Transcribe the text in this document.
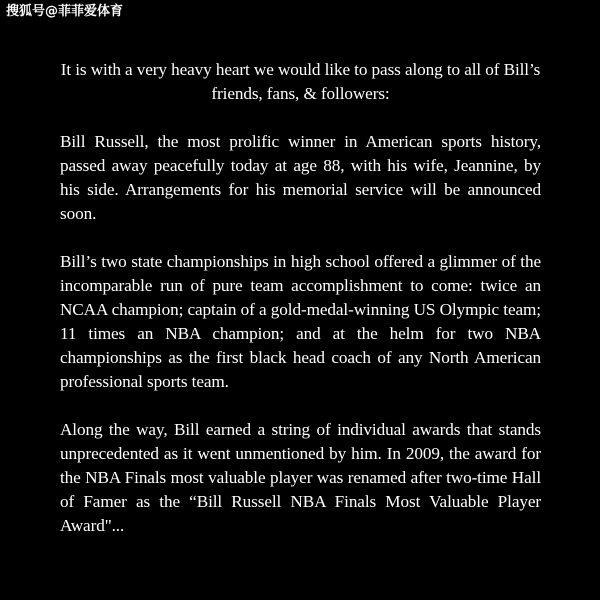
搜狐号@菲菲爱体育

It is with a very heavy heart we would like to pass along to all of Bill’s friends, fans, & followers:

Bill Russell, the most prolific winner in American sports history, passed away peacefully today at age 88, with his wife, Jeannine, by his side. Arrangements for his memorial service will be announced soon.

Bill’s two state championships in high school offered a glimmer of the incomparable run of pure team accomplishment to come: twice an NCAA champion; captain of a gold-medal-winning US Olympic team; 11 times an NBA champion; and at the helm for two NBA championships as the first black head coach of any North American professional sports team.

Along the way, Bill earned a string of individual awards that stands unprecedented as it went unmentioned by him. In 2009, the award for the NBA Finals most valuable player was renamed after two-time Hall of Famer as the “Bill Russell NBA Finals Most Valuable Player Award"...
